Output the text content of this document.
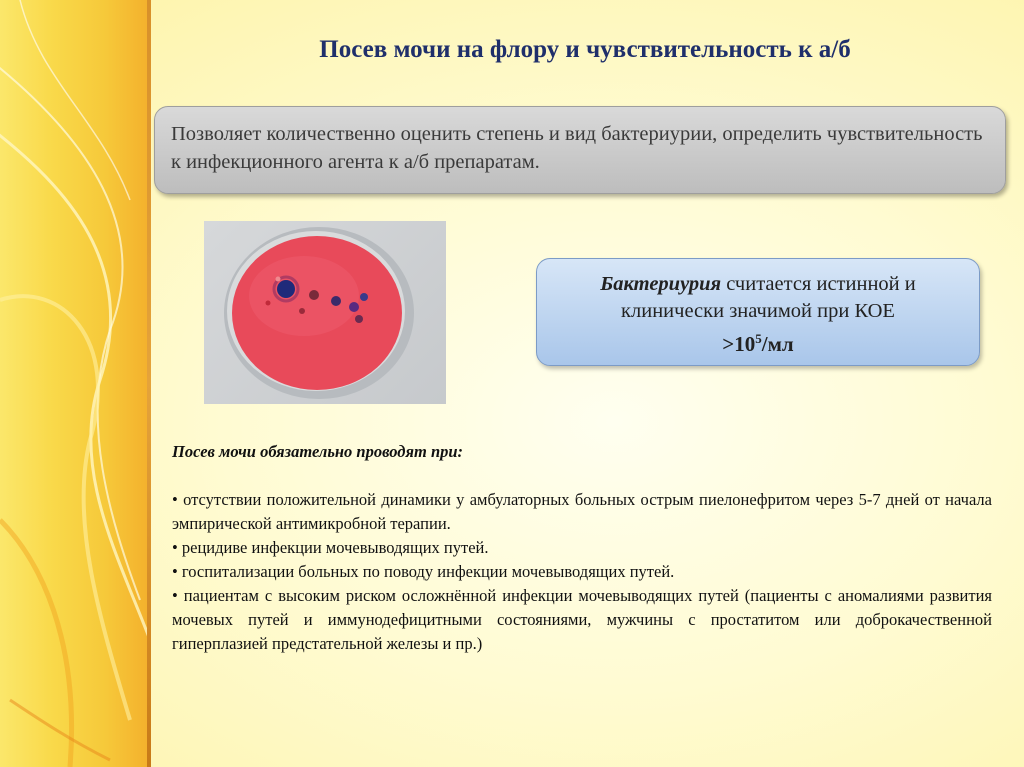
Посев мочи на флору и чувствительность к а/б
Позволяет количественно оценить степень и вид бактериурии, определить чувствительность к инфекционного агента к а/б препаратам.
Бактериурия считается истинной и
клинически значимой при КОЕ
$>10^5/мл$
Посев мочи обязательно проводят при:

• отсутствии положительной динамики у амбулаторных больных острым пиелонефритом через 5-7 дней от начала эмпирической антимикробной терапии.

• рецидиве инфекции мочевыводящих путей.

• госпитализации больных по поводу инфекции мочевыводящих путей.

• пациентам с высоким риском осложнённой инфекции мочевыводящих путей (пациенты с аномалиями развития мочевых путей и иммунодефицитными состояниями, мужчины с простатитом или доброкачественной гиперплазией предстательной железы и пр.)
